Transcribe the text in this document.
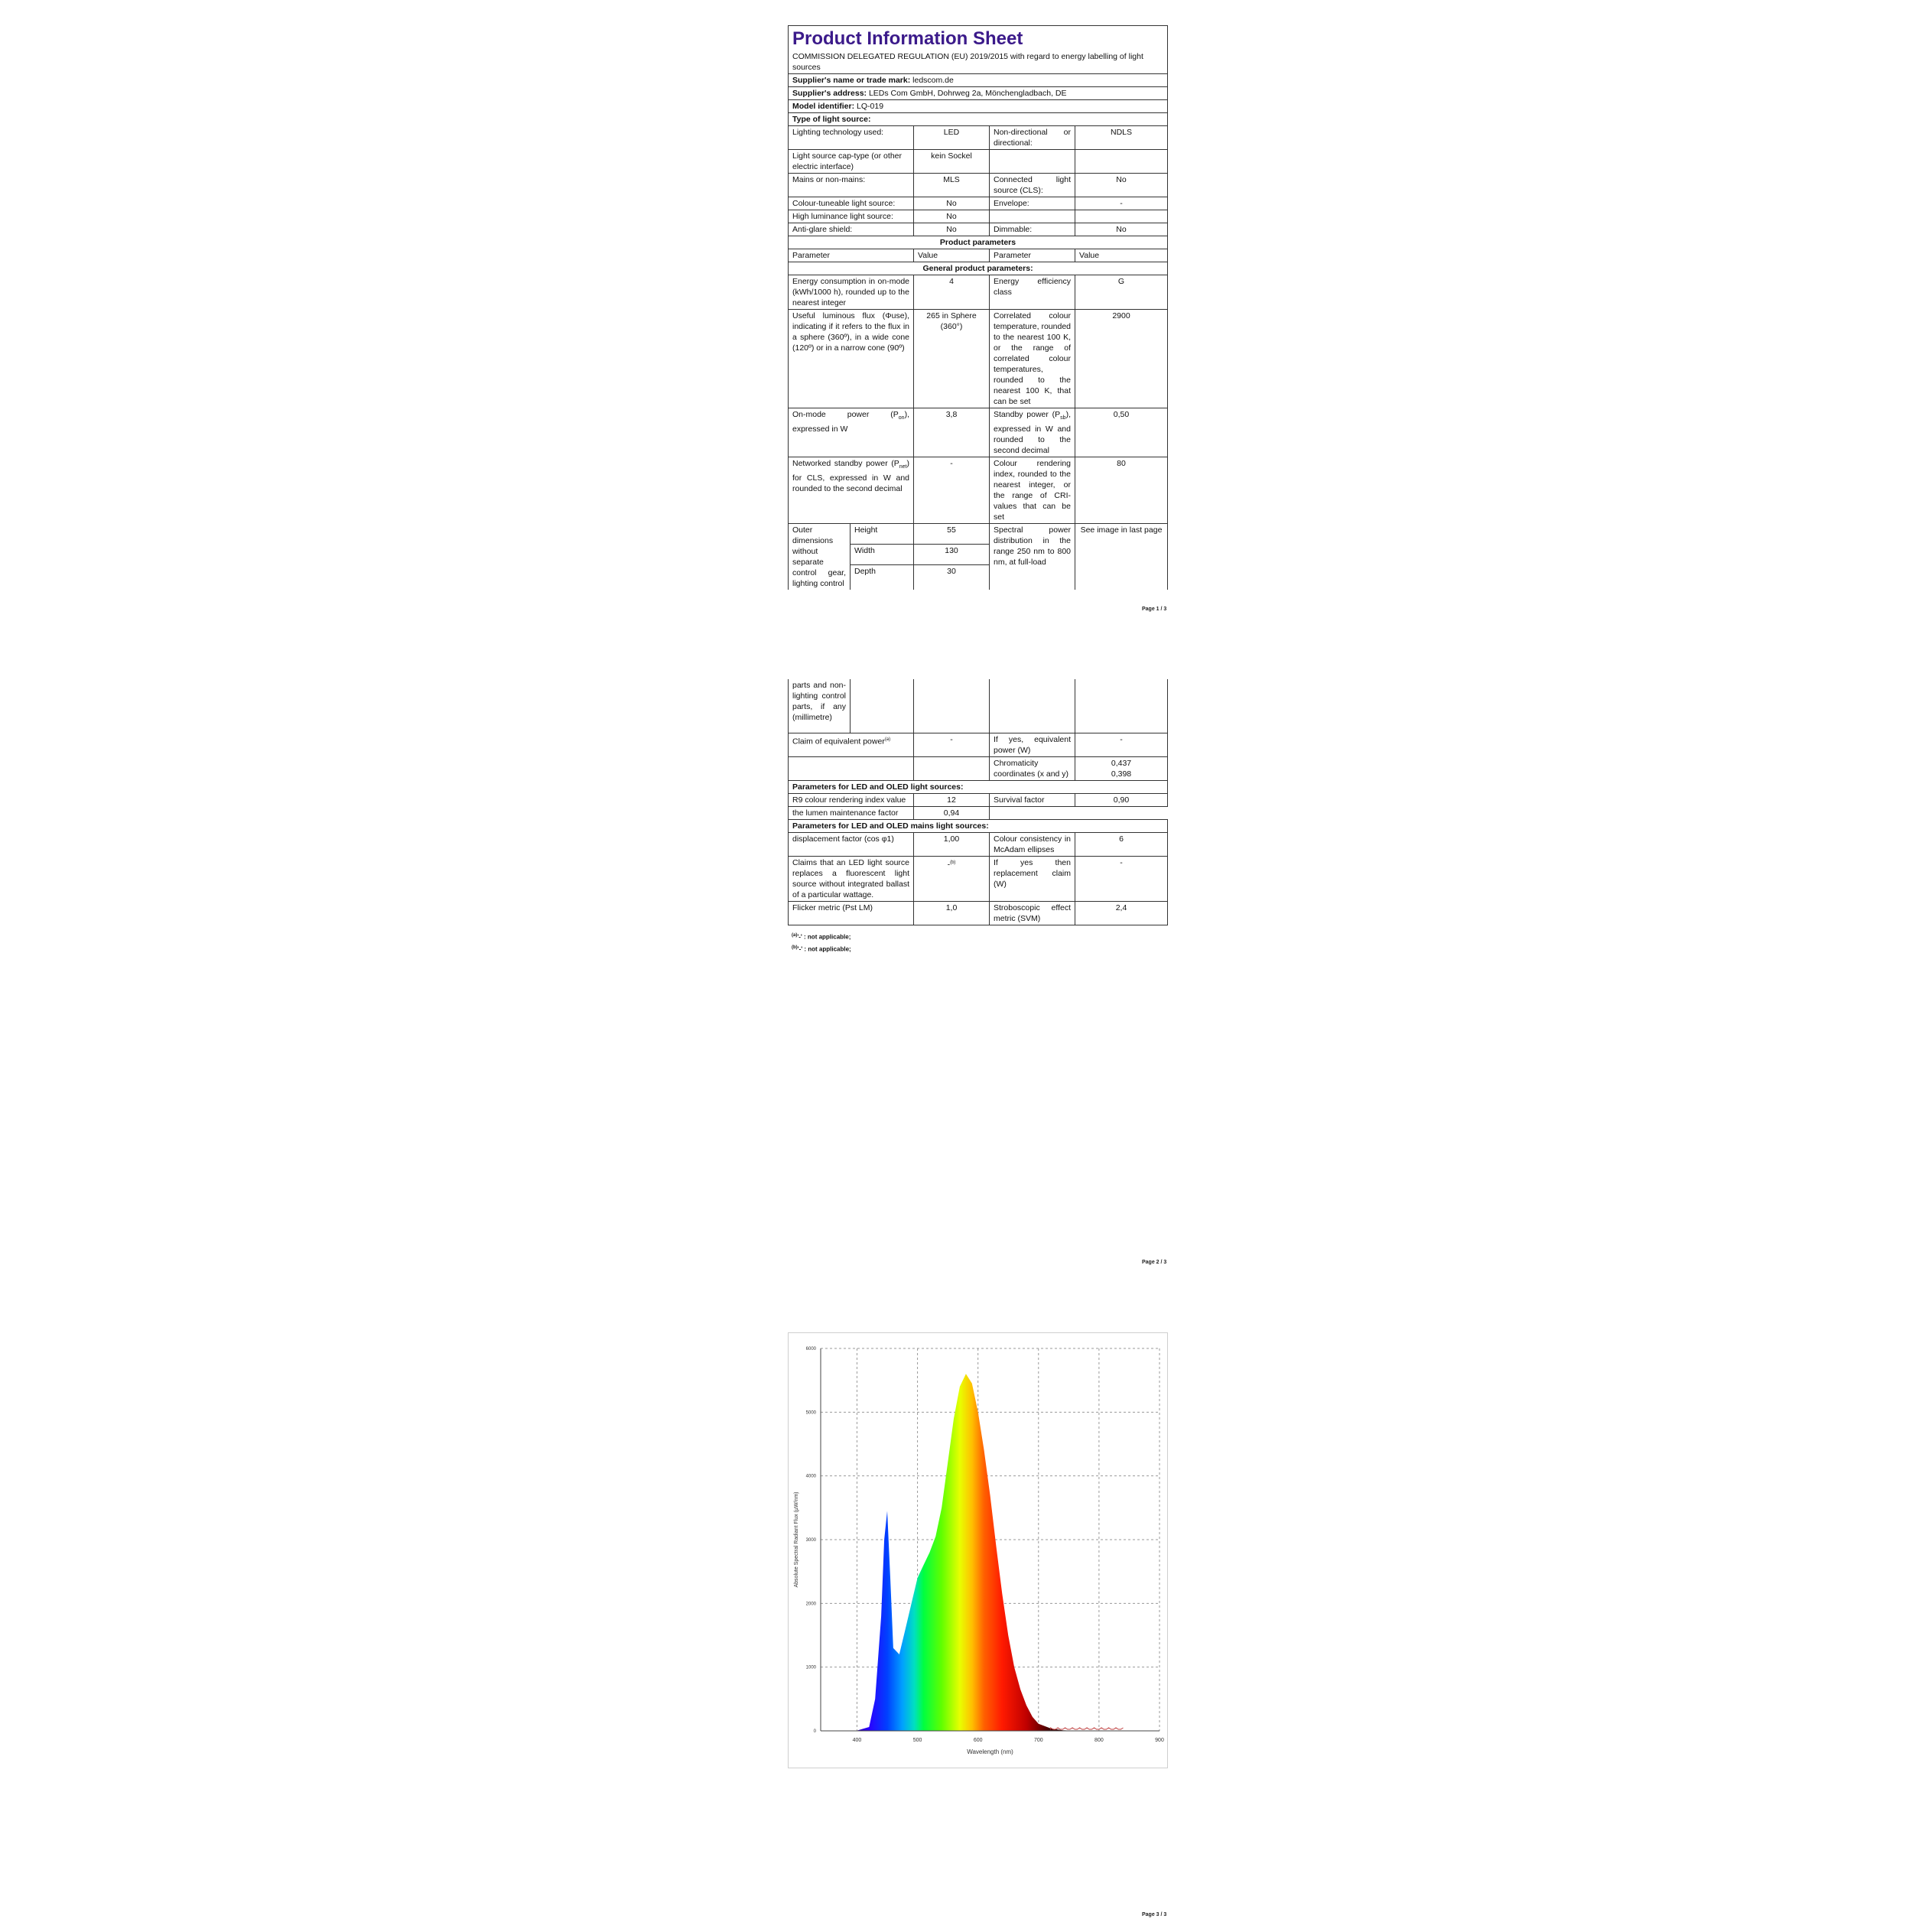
Product Information Sheet				

COMMISSION DELEGATED REGULATION (EU) 2019/2015 with regard to energy labelling of light sources				
Supplier's name or trade mark: ledscom.de				
Supplier's address: LEDs Com GmbH, Dohrweg 2a, Mönchengladbach, DE				
Model identifier: LQ-019				
Type of light source:				
Lighting technology used:		LED	Non-directional or directional:	NDLS
Light source cap-type (or other electric interface)		kein Sockel		
Mains or non-mains:		MLS	Connected light source (CLS):	No
Colour-tuneable light source:		No	Envelope:	-
High luminance light source:		No		
Anti-glare shield:		No	Dimmable:	No
Product parameters				
Parameter		Value	Parameter	Value
General product parameters:				
Energy consumption in on-mode (kWh/1000 h), rounded up to the nearest integer		4	Energy efficiency class	G
Useful luminous flux (Φuse), indicating if it refers to the flux in a sphere (360º), in a wide cone (120º) or in a narrow cone (90º)		265 in Sphere (360°)	Correlated colour temperature, rounded to the nearest 100 K, or the range of correlated colour temperatures, rounded to the nearest 100 K, that can be set	2900
On-mode power $(P_{on})$, expressed in W		3,8	Standby power $(P_{sb})$, expressed in W and rounded to the second decimal	0,50
Networked standby power $(P_{net})$ for CLS, expressed in W and rounded to the second decimal		-	Colour rendering index, rounded to the nearest integer, or the range of CRI-values that can be set	80
Outer dimensions without separate control gear, lighting control	Height	55	Spectral power distribution in the range 250 nm to 800 nm, at full-load	See image in last page
	Width	130		
	Depth	30		
Page 1 / 3
parts and non-lighting control parts, if any (millimetre)				
Claim of equivalent power$^{(a)}$		-	If yes, equivalent power (W)	-
			Chromaticity coordinates (x and y)	0,437
0,398

Parameters for LED and OLED light sources:				
R9 colour rendering index value		12	Survival factor	0,90
the lumen maintenance factor		0,94		
Parameters for LED and OLED mains light sources:				
displacement factor (cos φ1)		1,00	Colour consistency in McAdam ellipses	6
Claims that an LED light source replaces a fluorescent light source without integrated ballast of a particular wattage.		-$^{(b)}$	If yes then replacement claim (W)	-
Flicker metric (Pst LM)		1,0	Stroboscopic effect metric (SVM)	2,4
$^{(a)}$'-' : not applicable;
$^{(b)}$'-' : not applicable;
Page 2 / 3
400	500	600	700	800	900
0
1000
2000
3000
4000
5000
6000
Wavelength (nm)
Absolute Spectral Radiant Flux (µW/nm)
Page 3 / 3
